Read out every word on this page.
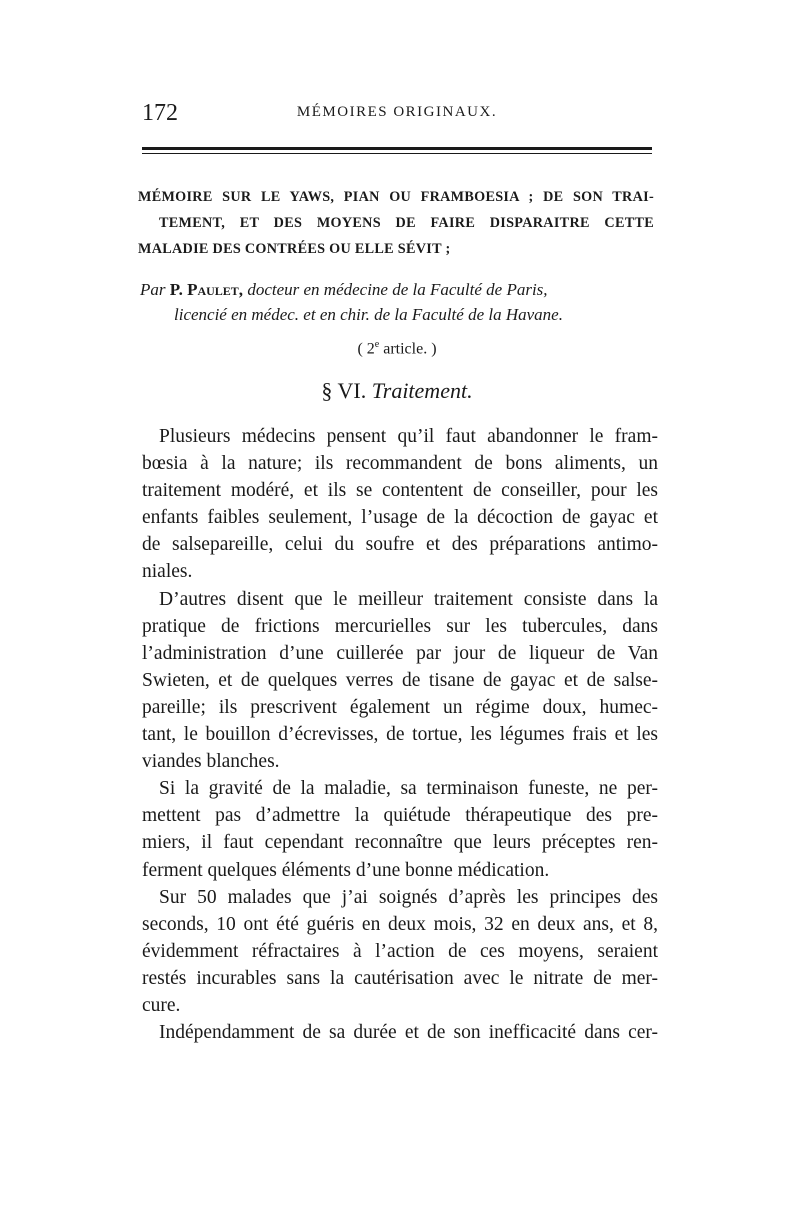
172	MÉMOIRES ORIGINAUX.
MÉMOIRE SUR LE YAWS, PIAN OU FRAMBOESIA ; DE SON TRAI-
TEMENT, ET DES MOYENS DE FAIRE DISPARAITRE CETTE
MALADIE DES CONTRÉES OU ELLE SÉVIT ;
Par P. Paulet, docteur en médecine de la Faculté de Paris,
licencié en médec. et en chir. de la Faculté de la Havane.
( 2e article. )
§ VI. Traitement.
Plusieurs médecins pensent qu’il faut abandonner le fram-
bœsia à la nature; ils recommandent de bons aliments, un
traitement modéré, et ils se contentent de conseiller, pour les
enfants faibles seulement, l’usage de la décoction de gayac et
de salsepareille, celui du soufre et des préparations antimo-
niales.
D’autres disent que le meilleur traitement consiste dans la
pratique de frictions mercurielles sur les tubercules, dans
l’administration d’une cuillerée par jour de liqueur de Van
Swieten, et de quelques verres de tisane de gayac et de salse-
pareille; ils prescrivent également un régime doux, humec-
tant, le bouillon d’écrevisses, de tortue, les légumes frais et les
viandes blanches.
Si la gravité de la maladie, sa terminaison funeste, ne per-
mettent pas d’admettre la quiétude thérapeutique des pre-
miers, il faut cependant reconnaître que leurs préceptes ren-
ferment quelques éléments d’une bonne médication.
Sur 50 malades que j’ai soignés d’après les principes des
seconds, 10 ont été guéris en deux mois, 32 en deux ans, et 8,
évidemment réfractaires à l’action de ces moyens, seraient
restés incurables sans la cautérisation avec le nitrate de mer-
cure.
Indépendamment de sa durée et de son inefficacité dans cer-
